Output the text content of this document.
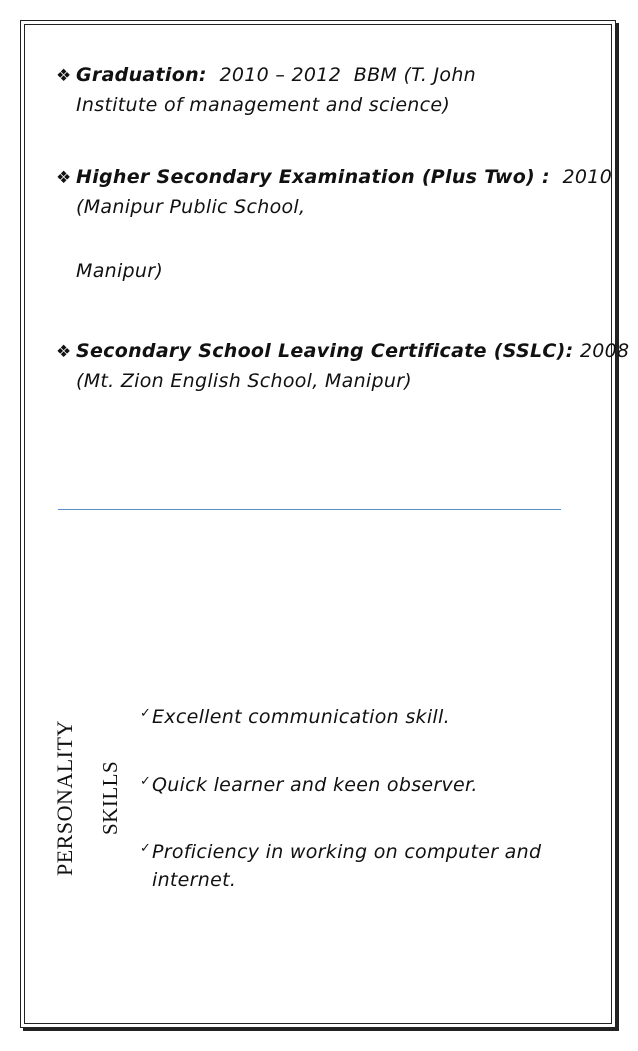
❖ Graduation:  2010 – 2012  BBM (T. John
Institute of management and science)
❖ Higher Secondary Examination (Plus Two) :  2010
(Manipur Public School,
Manipur)
❖ Secondary School Leaving Certificate (SSLC): 2008
(Mt. Zion English School, Manipur)
PERSONALITY SKILLS
✓Excellent communication skill.
✓Quick learner and keen observer.
✓Proficiency in working on computer and
internet.
